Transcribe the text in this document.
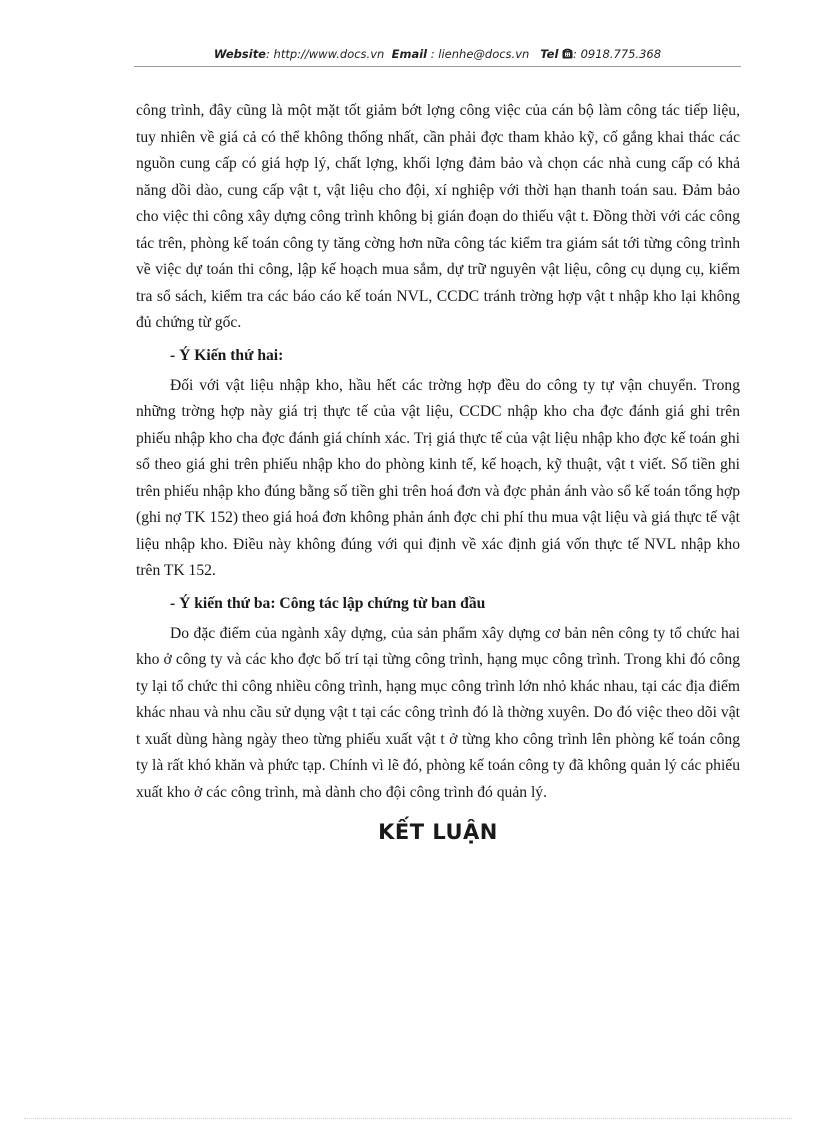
Website: http://www.docs.vn Email : lienhe@docs.vn Tel : 0918.775.368

công trình, đây cũng là một mặt tốt giảm bớt lợng công việc của cán bộ làm công tác tiếp liệu, tuy nhiên về giá cả có thể không thống nhất, cần phải đợc tham khảo kỹ, cố gắng khai thác các nguồn cung cấp có giá hợp lý, chất lợng, khối lợng đảm bảo và chọn các nhà cung cấp có khả năng dồi dào, cung cấp vật t, vật liệu cho đội, xí nghiệp với thời hạn thanh toán sau. Đảm bảo cho việc thi công xây dựng công trình không bị gián đoạn do thiếu vật t. Đồng thời với các công tác trên, phòng kế toán công ty tăng cờng hơn nữa công tác kiểm tra giám sát tới từng công trình về việc dự toán thi công, lập kế hoạch mua sắm, dự trữ nguyên vật liệu, công cụ dụng cụ, kiểm tra sổ sách, kiểm tra các báo cáo kế toán NVL, CCDC tránh trờng hợp vật t nhập kho lại không đủ chứng từ gốc.

- Ý Kiến thứ hai:

Đối với vật liệu nhập kho, hầu hết các trờng hợp đều do công ty tự vận chuyển. Trong những trờng hợp này giá trị thực tế của vật liệu, CCDC nhập kho cha đợc đánh giá ghi trên phiếu nhập kho cha đợc đánh giá chính xác. Trị giá thực tế của vật liệu nhập kho đợc kế toán ghi sổ theo giá ghi trên phiếu nhập kho do phòng kinh tế, kế hoạch, kỹ thuật, vật t viết. Số tiền ghi trên phiếu nhập kho đúng bằng số tiền ghi trên hoá đơn và đợc phản ánh vào sổ kế toán tổng hợp (ghi nợ TK 152) theo giá hoá đơn không phản ánh đợc chi phí thu mua vật liệu và giá thực tế vật liệu nhập kho. Điều này không đúng với qui định về xác định giá vốn thực tế NVL nhập kho trên TK 152.

- Ý kiến thứ ba: Công tác lập chứng từ ban đầu

Do đặc điểm của ngành xây dựng, của sản phẩm xây dựng cơ bản nên công ty tổ chức hai kho ở công ty và các kho đợc bố trí tại từng công trình, hạng mục công trình. Trong khi đó công ty lại tổ chức thi công nhiều công trình, hạng mục công trình lớn nhỏ khác nhau, tại các địa điểm khác nhau và nhu cầu sử dụng vật t tại các công trình đó là thờng xuyên. Do đó việc theo dõi vật t xuất dùng hàng ngày theo từng phiếu xuất vật t ở từng kho công trình lên phòng kế toán công ty là rất khó khăn và phức tạp. Chính vì lẽ đó, phòng kế toán công ty đã không quản lý các phiếu xuất kho ở các công trình, mà dành cho đội công trình đó quản lý.

KẾT LUẬN
